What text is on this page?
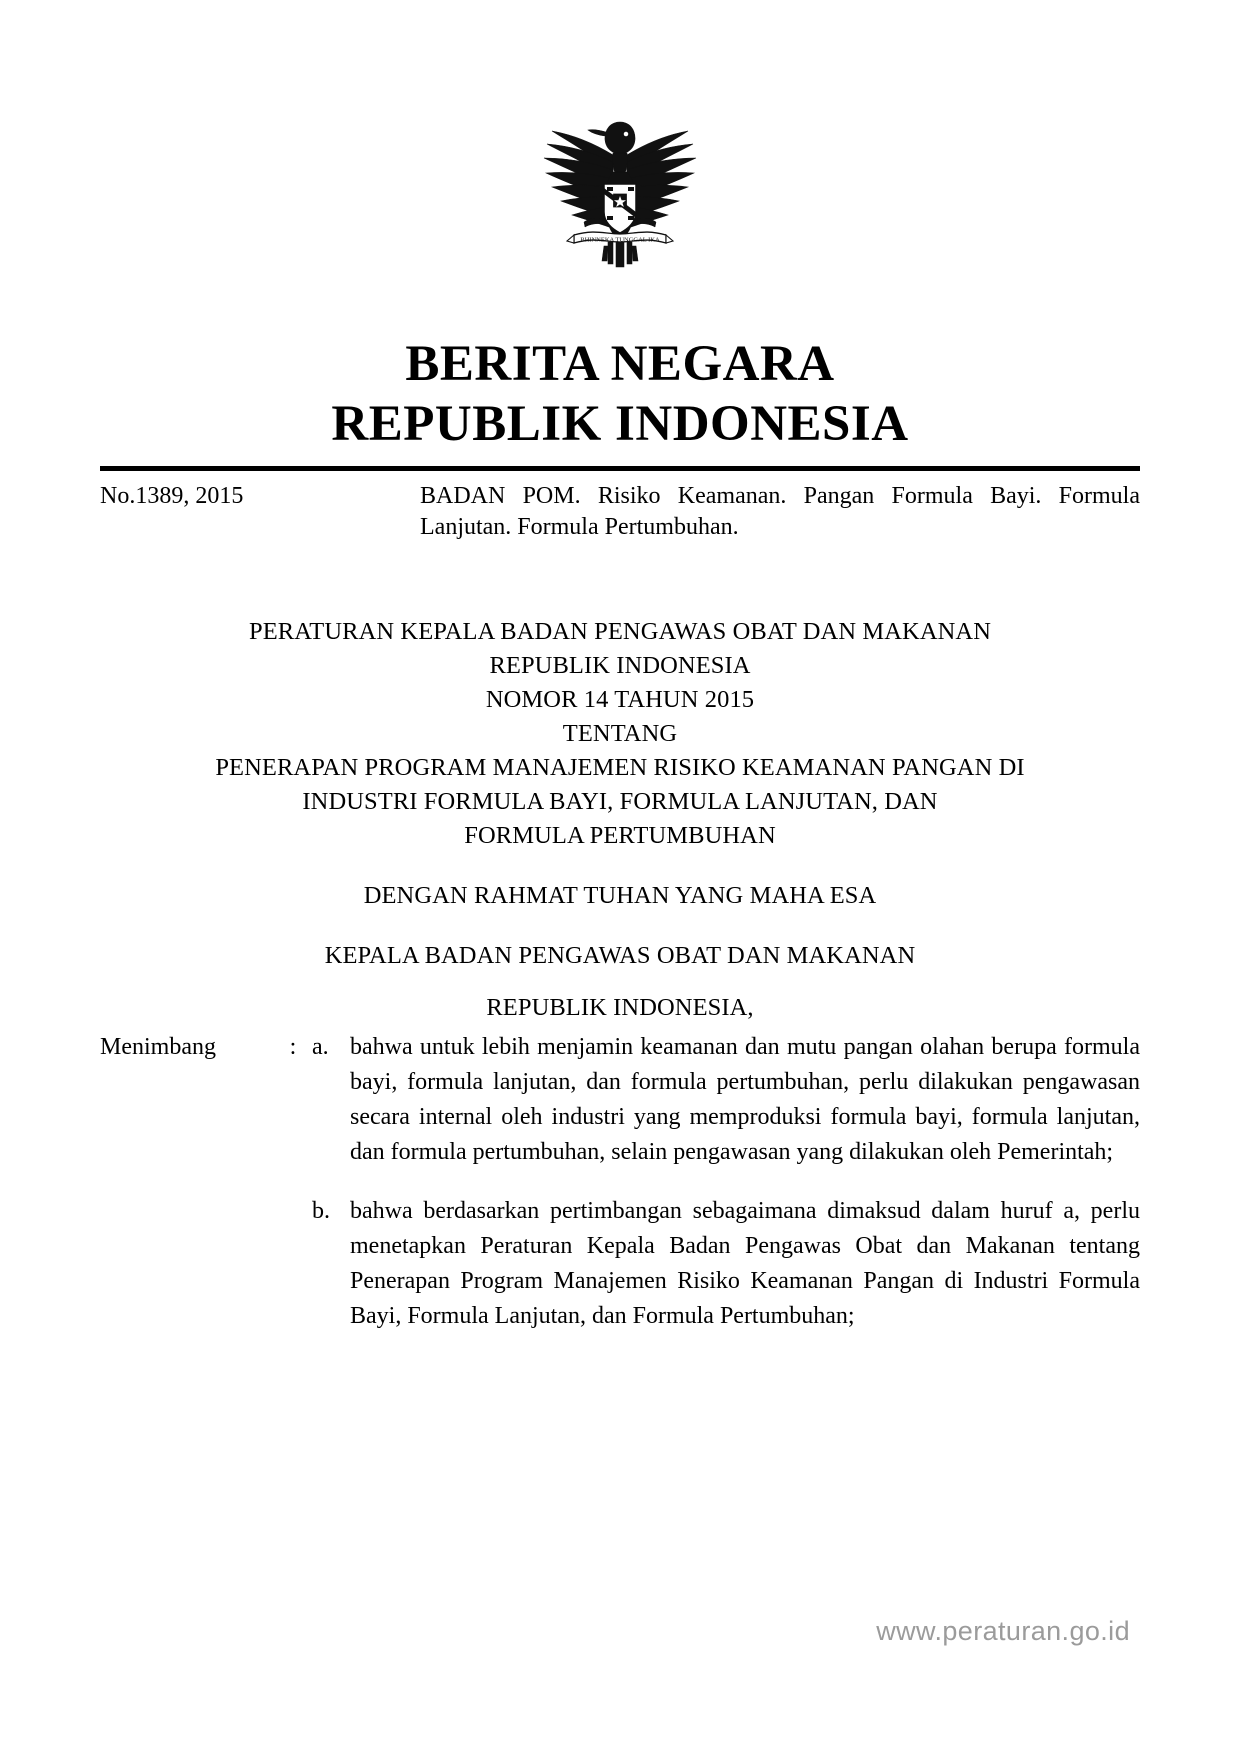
BHINNEKA TUNGGAL IKA
BERITA NEGARA
REPUBLIK INDONESIA
No.1389, 2015	BADAN POM. Risiko Keamanan. Pangan Formula Bayi. Formula Lanjutan. Formula Pertumbuhan.
PERATURAN KEPALA BADAN PENGAWAS OBAT DAN MAKANAN
REPUBLIK INDONESIA
NOMOR 14 TAHUN 2015
TENTANG
PENERAPAN PROGRAM MANAJEMEN RISIKO KEAMANAN PANGAN DI
INDUSTRI FORMULA BAYI, FORMULA LANJUTAN, DAN
FORMULA PERTUMBUHAN
DENGAN RAHMAT TUHAN YANG MAHA ESA
KEPALA BADAN PENGAWAS OBAT DAN MAKANAN
REPUBLIK INDONESIA,
Menimbang	: a. bahwa untuk lebih menjamin keamanan dan mutu pangan olahan berupa formula bayi, formula lanjutan, dan formula pertumbuhan, perlu dilakukan pengawasan secara internal oleh industri yang memproduksi formula bayi, formula lanjutan, dan formula pertumbuhan, selain pengawasan yang dilakukan oleh Pemerintah;
b. bahwa berdasarkan pertimbangan sebagaimana dimaksud dalam huruf a, perlu menetapkan Peraturan Kepala Badan Pengawas Obat dan Makanan tentang Penerapan Program Manajemen Risiko Keamanan Pangan di Industri Formula Bayi, Formula Lanjutan, dan Formula Pertumbuhan;
www.peraturan.go.id
